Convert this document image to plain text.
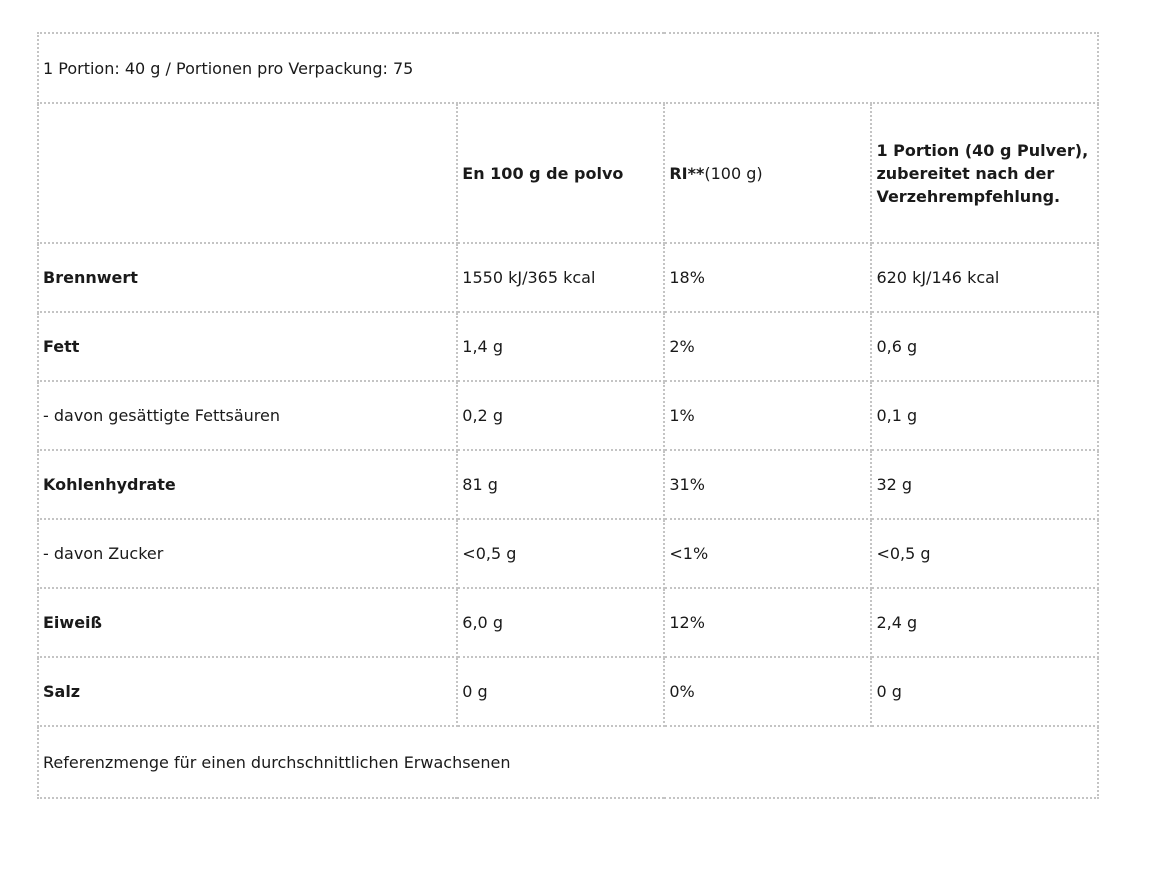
1 Portion: 40 g / Portionen pro Verpackung: 75			
	En 100 g de polvo	RI**(100 g)	1 Portion (40 g Pulver), zubereitet nach der Verzehrempfehlung.
Brennwert	1550 kJ/365 kcal	18%	620 kJ/146 kcal
Fett	1,4 g	2%	0,6 g
- davon gesättigte Fettsäuren	0,2 g	1%	0,1 g
Kohlenhydrate	81 g	31%	32 g
- davon Zucker	<0,5 g	<1%	<0,5 g
Eiweiß	6,0 g	12%	2,4 g
Salz	0 g	0%	0 g
Referenzmenge für einen durchschnittlichen Erwachsenen			
